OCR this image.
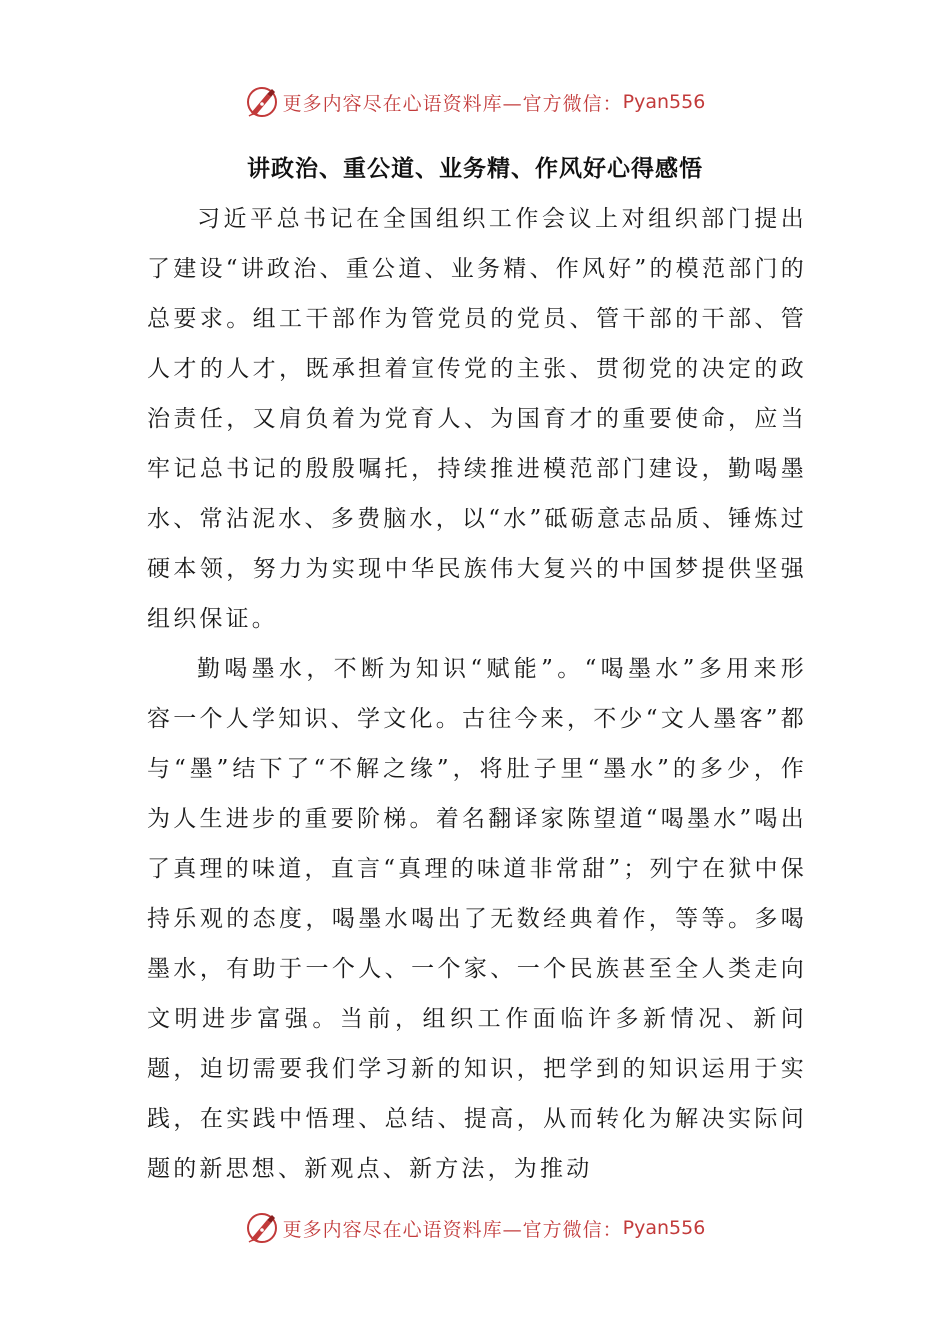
更多内容尽在心语资料库—官方微信： Pyan556
讲政治、重公道、业务精、作风好心得感悟

习近平总书记在全国组织工作会议上对组织部门提出了建设“讲政治、重公道、业务精、作风好”的模范部门的总要求。组工干部作为管党员的党员、管干部的干部、管人才的人才，既承担着宣传党的主张、贯彻党的决定的政治责任，又肩负着为党育人、为国育才的重要使命，应当牢记总书记的殷殷嘱托，持续推进模范部门建设，勤喝墨水、常沾泥水、多费脑水，以“水”砥砺意志品质、锤炼过硬本领，努力为实现中华民族伟大复兴的中国梦提供坚强组织保证。

勤喝墨水，不断为知识“赋能”。“喝墨水”多用来形容一个人学知识、学文化。古往今来，不少“文人墨客”都与“墨”结下了“不解之缘”，将肚子里“墨水”的多少，作为人生进步的重要阶梯。着名翻译家陈望道“喝墨水”喝出了真理的味道，直言“真理的味道非常甜”；列宁在狱中保持乐观的态度，喝墨水喝出了无数经典着作，等等。多喝墨水，有助于一个人、一个家、一个民族甚至全人类走向文明进步富强。当前，组织工作面临许多新情况、新问题，迫切需要我们学习新的知识，把学到的知识运用于实践，在实践中悟理、总结、提高，从而转化为解决实际问题的新思想、新观点、新方法，为推动

更多内容尽在心语资料库—官方微信： Pyan556
